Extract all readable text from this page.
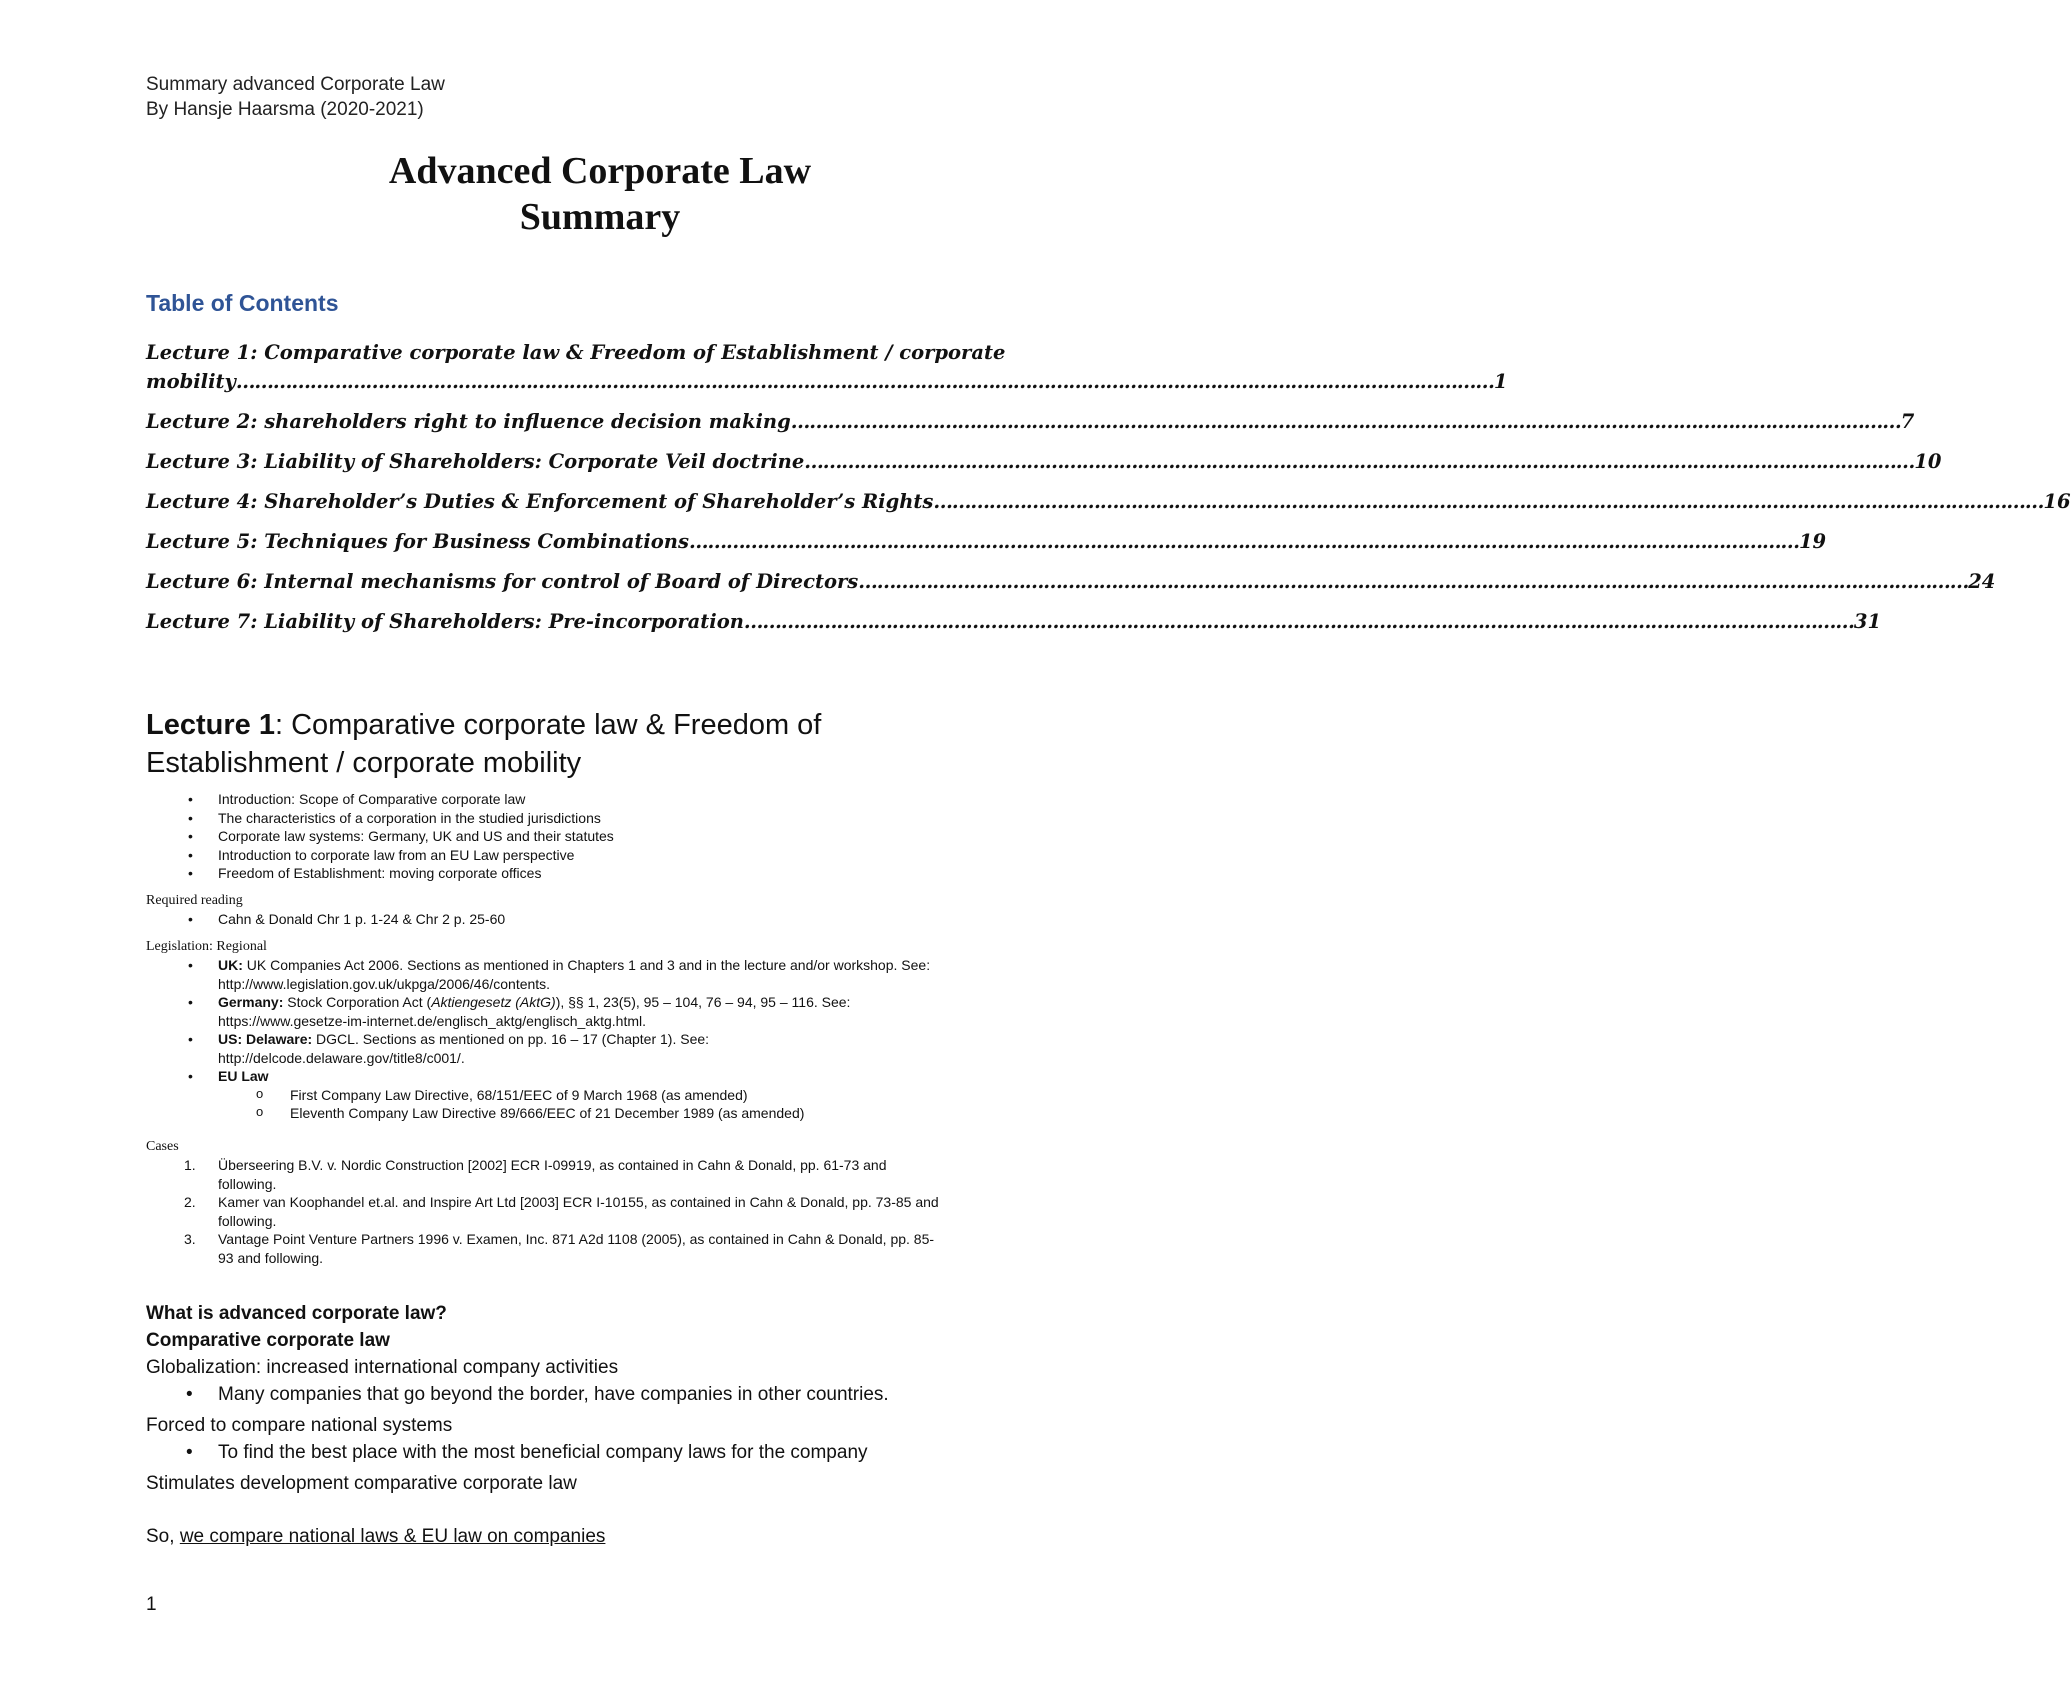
Summary advanced Corporate Law
By Hansje Haarsma (2020-2021)
Advanced Corporate Law
Summary
Table of Contents
Lecture 1: Comparative corporate law & Freedom of Establishment / corporate
mobility …………………………………………………………………………………………………………………………………………………………………………………… 1
Lecture 2: shareholders right to influence decision making ……………………………………………………………………………………………………………………………………………………………… 7
Lecture 3: Liability of Shareholders: Corporate Veil doctrine ……………………………………………………………………………………………………………………………………………………………… 10
Lecture 4: Shareholder’s Duties & Enforcement of Shareholder’s Rights ……………………………………………………………………………………………………………………………………………………………… 16
Lecture 5: Techniques for Business Combinations ……………………………………………………………………………………………………………………………………………………………… 19
Lecture 6: Internal mechanisms for control of Board of Directors ……………………………………………………………………………………………………………………………………………………………… 24
Lecture 7: Liability of Shareholders: Pre-incorporation ……………………………………………………………………………………………………………………………………………………………… 31
Lecture 1: Comparative corporate law & Freedom of
Establishment / corporate mobility
• Introduction: Scope of Comparative corporate law
• The characteristics of a corporation in the studied jurisdictions
• Corporate law systems: Germany, UK and US and their statutes
• Introduction to corporate law from an EU Law perspective
• Freedom of Establishment: moving corporate offices

Required reading

• Cahn & Donald Chr 1 p. 1-24 & Chr 2 p. 25-60

Legislation: Regional

• UK: UK Companies Act 2006. Sections as mentioned in Chapters 1 and 3 and in the lecture and/or workshop. See:
http://www.legislation.gov.uk/ukpga/2006/46/contents.
• Germany: Stock Corporation Act (Aktiengesetz (AktG)), §§ 1, 23(5), 95 – 104, 76 – 94, 95 – 116. See:
https://www.gesetze-im-internet.de/englisch_aktg/englisch_aktg.html.
• US: Delaware: DGCL. Sections as mentioned on pp. 16 – 17 (Chapter 1). See:
http://delcode.delaware.gov/title8/c001/.
• EU Law
o First Company Law Directive, 68/151/EEC of 9 March 1968 (as amended)
o Eleventh Company Law Directive 89/666/EEC of 21 December 1989 (as amended)

Cases

1. Überseering B.V. v. Nordic Construction [2002] ECR I-09919, as contained in Cahn & Donald, pp. 61-73 and
following.
2. Kamer van Koophandel et.al. and Inspire Art Ltd [2003] ECR I-10155, as contained in Cahn & Donald, pp. 73-85 and
following.
3. Vantage Point Venture Partners 1996 v. Examen, Inc. 871 A2d 1108 (2005), as contained in Cahn & Donald, pp. 85-
93 and following.

What is advanced corporate law?

Comparative corporate law

Globalization: increased international company activities

• Many companies that go beyond the border, have companies in other countries.

Forced to compare national systems

• To find the best place with the most beneficial company laws for the company

Stimulates development comparative corporate law

So, we compare national laws & EU law on companies

1
